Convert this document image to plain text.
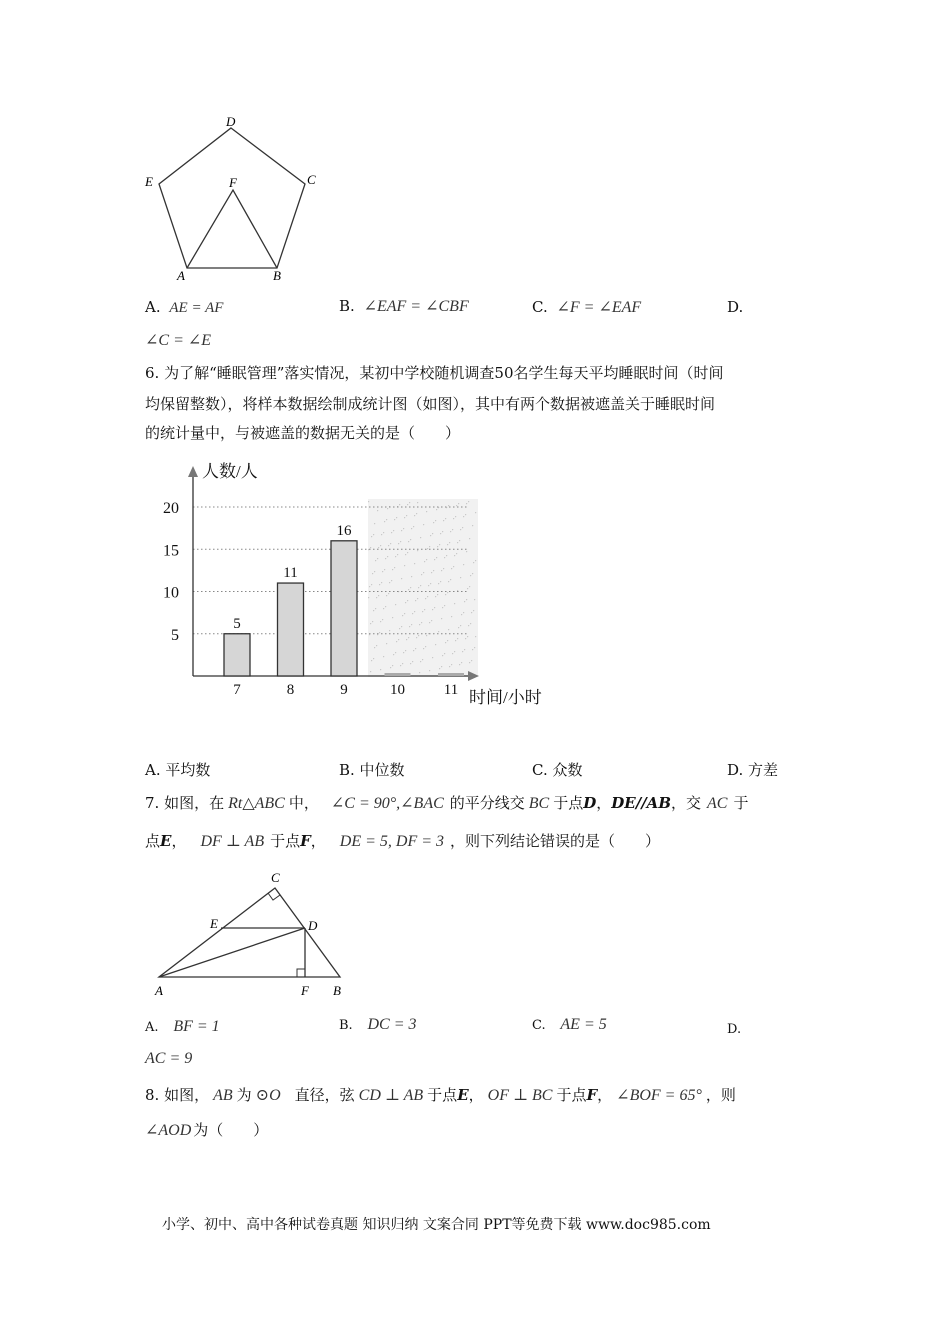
D
E	F	C
A	B
A. AE = AF	B. ∠EAF = ∠CBF	C. ∠F = ∠EAF	D.
∠C = ∠E
6. 为了解“睡眠管理”落实情况，某初中学校随机调查50名学生每天平均睡眠时间（时间
均保留整数），将样本数据绘制成统计图（如图），其中有两个数据被遮盖关于睡眠时间
的统计量中，与被遮盖的数据无关的是（　　）
20
15
10
5
人数/人
时间/小时
5
7
11
8
16
9	10	11
A. 平均数	B. 中位数	C. 众数	D. 方差
7. 如图，在 Rt△ABC 中， ∠C = 90°,∠BAC 的平分线交 BC 于点D，DE//AB，交 AC 于
点E， DF ⊥ AB 于点F， DE = 5, DF = 3 ，则下列结论错误的是（　　）
C
E	D
A	F B
A. BF = 1	B. DC = 3	C. AE = 5	D.
AC = 9
8. 如图， AB 为 ⊙O 直径，弦 CD ⊥ AB 于点E， OF ⊥ BC 于点F， ∠BOF = 65° ，则
∠AOD 为（　　）
小学、初中、高中各种试卷真题 知识归纳 文案合同 PPT等免费下载 www.doc985.com
